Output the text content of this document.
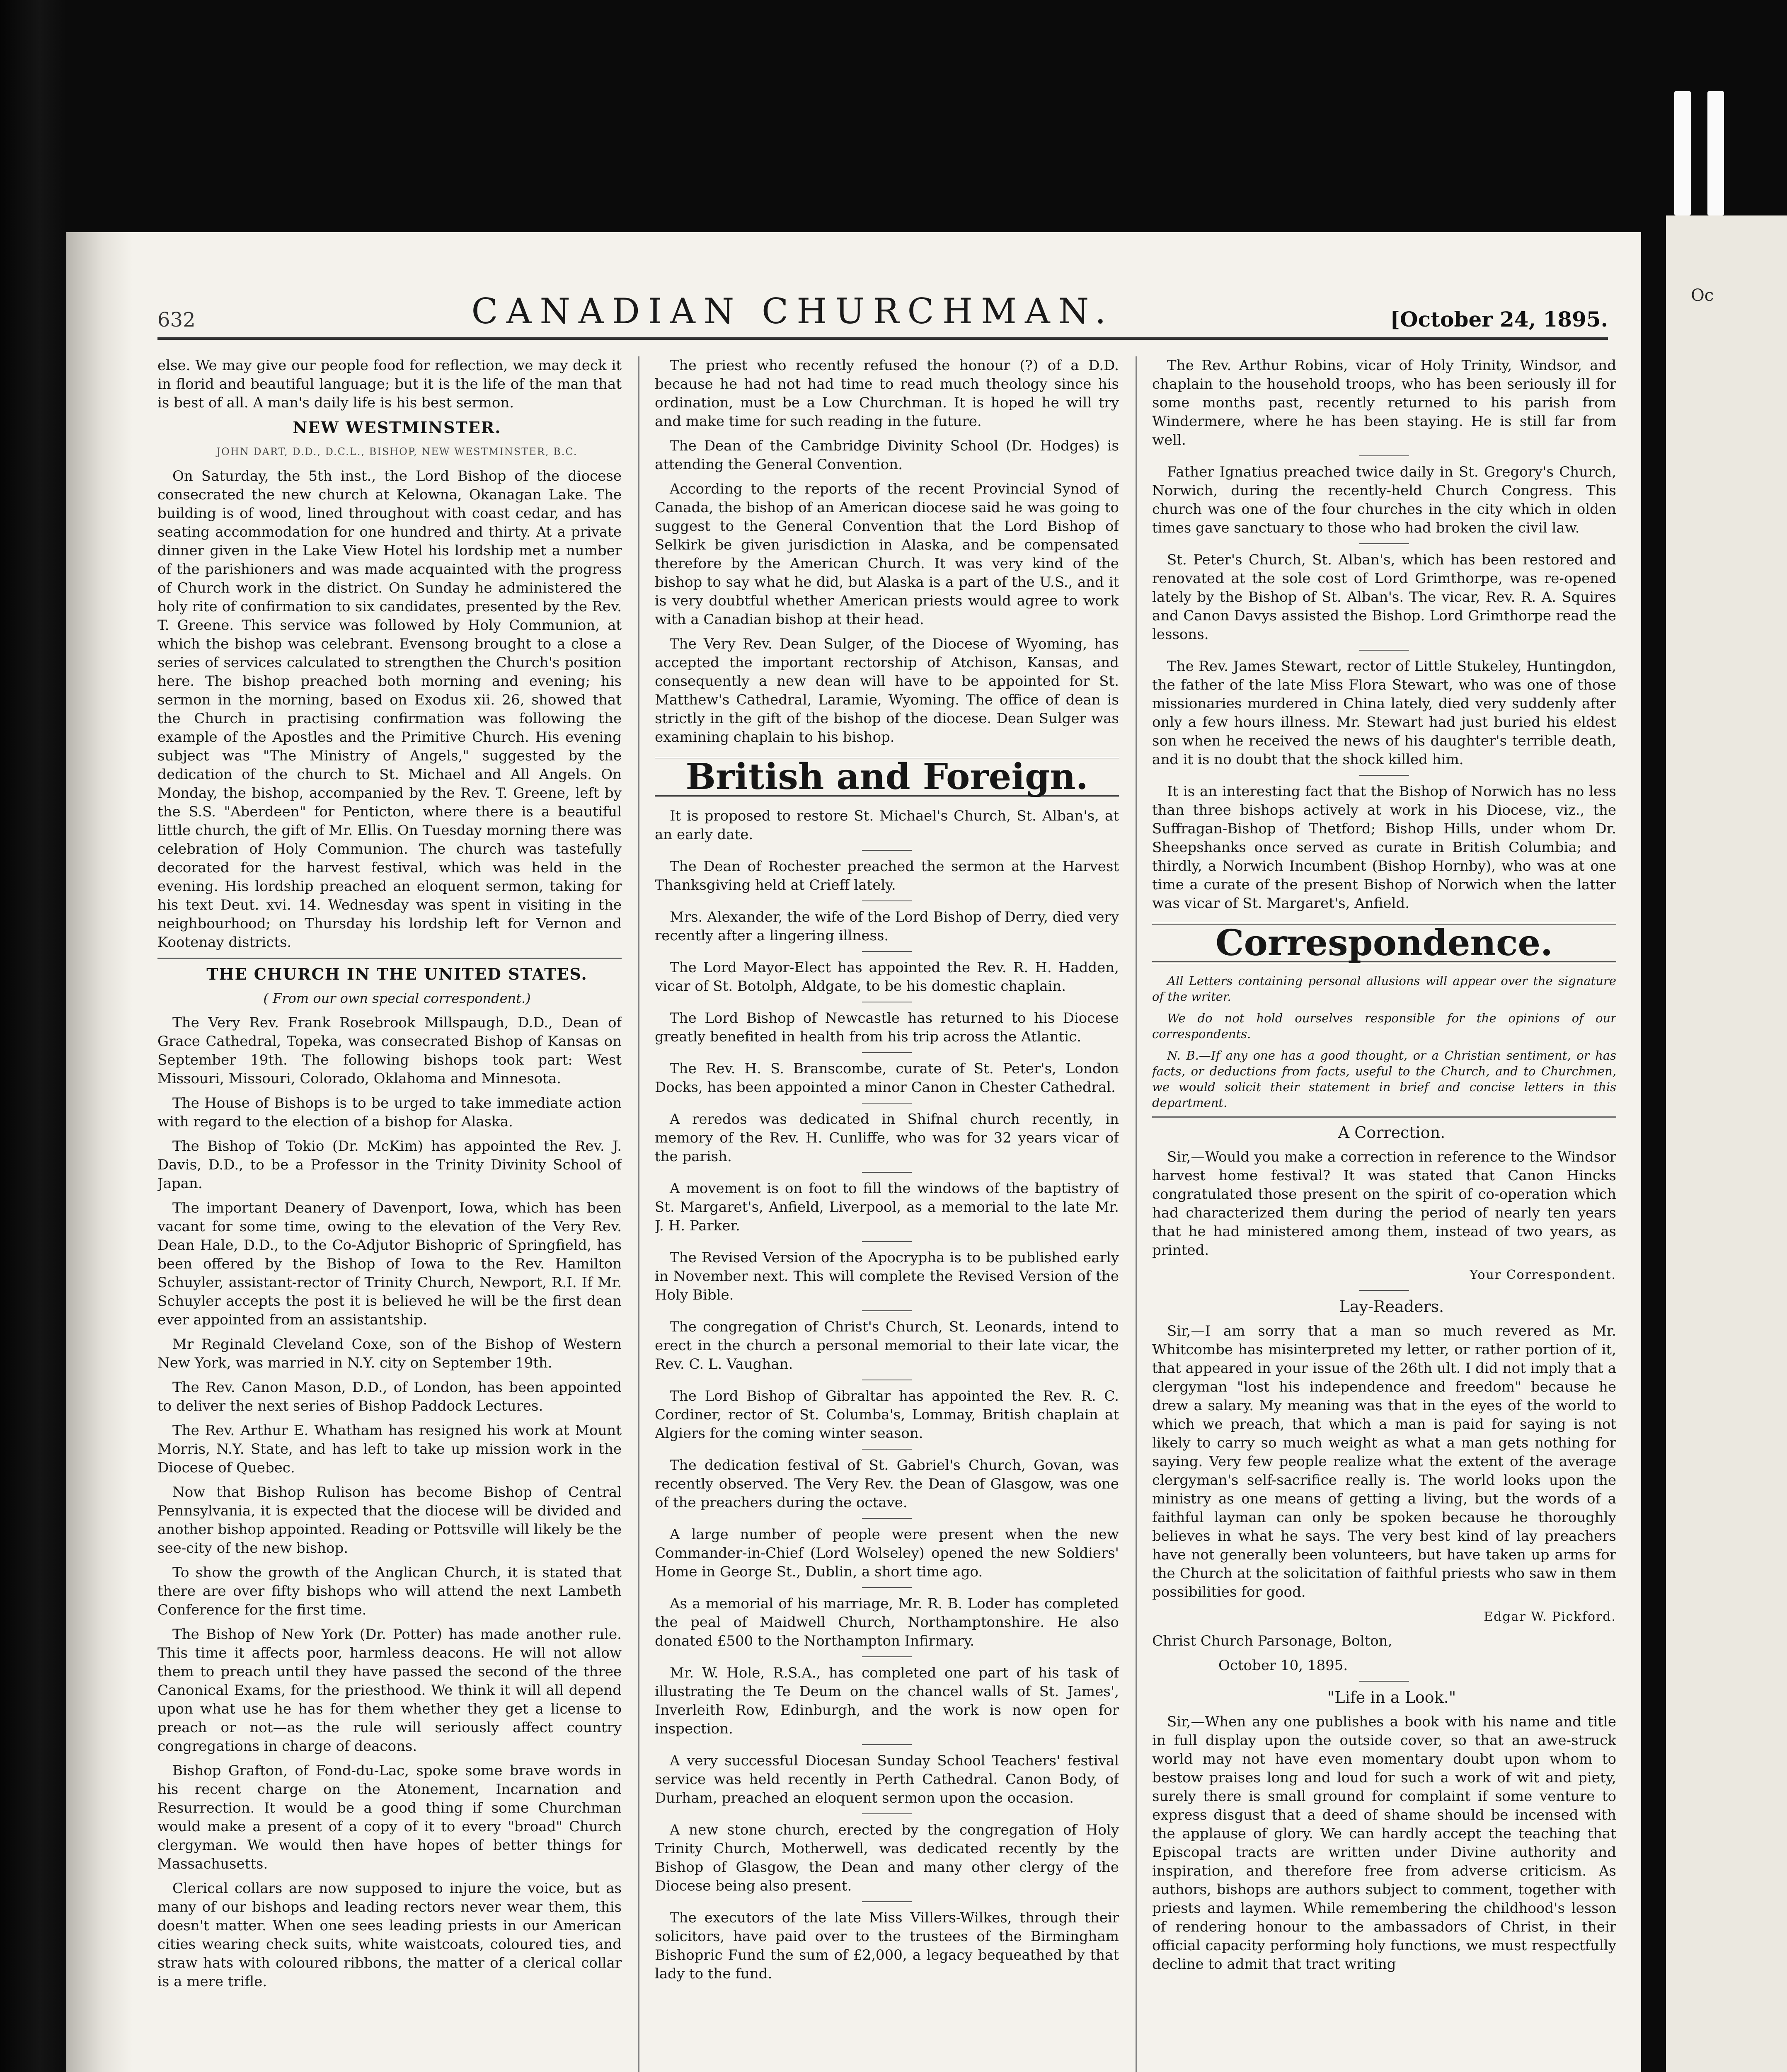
632	CANADIAN CHURCHMAN.	[October 24, 1895.

else. We may give our people food for reflection, we may deck it in florid and beautiful language; but it is the life of the man that is best of all. A man's daily life is his best sermon.

NEW WESTMINSTER.

JOHN DART, D.D., D.C.L., BISHOP, NEW WESTMINSTER, B.C.

On Saturday, the 5th inst., the Lord Bishop of the diocese consecrated the new church at Kelowna, Okanagan Lake. The building is of wood, lined throughout with coast cedar, and has seating accommodation for one hundred and thirty. At a private dinner given in the Lake View Hotel his lordship met a number of the parishioners and was made acquainted with the progress of Church work in the district. On Sunday he administered the holy rite of confirmation to six candidates, presented by the Rev. T. Greene. This service was followed by Holy Communion, at which the bishop was celebrant. Evensong brought to a close a series of services calculated to strengthen the Church's position here. The bishop preached both morning and evening; his sermon in the morning, based on Exodus xii. 26, showed that the Church in practising confirmation was following the example of the Apostles and the Primitive Church. His evening subject was "The Ministry of Angels," suggested by the dedication of the church to St. Michael and All Angels. On Monday, the bishop, accompanied by the Rev. T. Greene, left by the S.S. "Aberdeen" for Penticton, where there is a beautiful little church, the gift of Mr. Ellis. On Tuesday morning there was celebration of Holy Communion. The church was tastefully decorated for the harvest festival, which was held in the evening. His lordship preached an eloquent sermon, taking for his text Deut. xvi. 14. Wednesday was spent in visiting in the neighbourhood; on Thursday his lordship left for Vernon and Kootenay districts.

THE CHURCH IN THE UNITED STATES.

( From our own special correspondent.)

The Very Rev. Frank Rosebrook Millspaugh, D.D., Dean of Grace Cathedral, Topeka, was consecrated Bishop of Kansas on September 19th. The following bishops took part: West Missouri, Missouri, Colorado, Oklahoma and Minnesota.

The House of Bishops is to be urged to take immediate action with regard to the election of a bishop for Alaska.

The Bishop of Tokio (Dr. McKim) has appointed the Rev. J. Davis, D.D., to be a Professor in the Trinity Divinity School of Japan.

The important Deanery of Davenport, Iowa, which has been vacant for some time, owing to the elevation of the Very Rev. Dean Hale, D.D., to the Co-Adjutor Bishopric of Springfield, has been offered by the Bishop of Iowa to the Rev. Hamilton Schuyler, assistant-rector of Trinity Church, Newport, R.I. If Mr. Schuyler accepts the post it is believed he will be the first dean ever appointed from an assistantship.

Mr Reginald Cleveland Coxe, son of the Bishop of Western New York, was married in N.Y. city on September 19th.

The Rev. Canon Mason, D.D., of London, has been appointed to deliver the next series of Bishop Paddock Lectures.

The Rev. Arthur E. Whatham has resigned his work at Mount Morris, N.Y. State, and has left to take up mission work in the Diocese of Quebec.

Now that Bishop Rulison has become Bishop of Central Pennsylvania, it is expected that the diocese will be divided and another bishop appointed. Reading or Pottsville will likely be the see-city of the new bishop.

To show the growth of the Anglican Church, it is stated that there are over fifty bishops who will attend the next Lambeth Conference for the first time.

The Bishop of New York (Dr. Potter) has made another rule. This time it affects poor, harmless deacons. He will not allow them to preach until they have passed the second of the three Canonical Exams, for the priesthood. We think it will all depend upon what use he has for them whether they get a license to preach or not—as the rule will seriously affect country congregations in charge of deacons.

Bishop Grafton, of Fond-du-Lac, spoke some brave words in his recent charge on the Atonement, Incarnation and Resurrection. It would be a good thing if some Churchman would make a present of a copy of it to every "broad" Church clergyman. We would then have hopes of better things for Massachusetts.

Clerical collars are now supposed to injure the voice, but as many of our bishops and leading rectors never wear them, this doesn't matter. When one sees leading priests in our American cities wearing check suits, white waistcoats, coloured ties, and straw hats with coloured ribbons, the matter of a clerical collar is a mere trifle.

The priest who recently refused the honour (?) of a D.D. because he had not had time to read much theology since his ordination, must be a Low Churchman. It is hoped he will try and make time for such reading in the future.

The Dean of the Cambridge Divinity School (Dr. Hodges) is attending the General Convention.

According to the reports of the recent Provincial Synod of Canada, the bishop of an American diocese said he was going to suggest to the General Convention that the Lord Bishop of Selkirk be given jurisdiction in Alaska, and be compensated therefore by the American Church. It was very kind of the bishop to say what he did, but Alaska is a part of the U.S., and it is very doubtful whether American priests would agree to work with a Canadian bishop at their head.

The Very Rev. Dean Sulger, of the Diocese of Wyoming, has accepted the important rectorship of Atchison, Kansas, and consequently a new dean will have to be appointed for St. Matthew's Cathedral, Laramie, Wyoming. The office of dean is strictly in the gift of the bishop of the diocese. Dean Sulger was examining chaplain to his bishop.

British and Foreign.

It is proposed to restore St. Michael's Church, St. Alban's, at an early date.

The Dean of Rochester preached the sermon at the Harvest Thanksgiving held at Crieff lately.

Mrs. Alexander, the wife of the Lord Bishop of Derry, died very recently after a lingering illness.

The Lord Mayor-Elect has appointed the Rev. R. H. Hadden, vicar of St. Botolph, Aldgate, to be his domestic chaplain.

The Lord Bishop of Newcastle has returned to his Diocese greatly benefited in health from his trip across the Atlantic.

The Rev. H. S. Branscombe, curate of St. Peter's, London Docks, has been appointed a minor Canon in Chester Cathedral.

A reredos was dedicated in Shifnal church recently, in memory of the Rev. H. Cunliffe, who was for 32 years vicar of the parish.

A movement is on foot to fill the windows of the baptistry of St. Margaret's, Anfield, Liverpool, as a memorial to the late Mr. J. H. Parker.

The Revised Version of the Apocrypha is to be published early in November next. This will complete the Revised Version of the Holy Bible.

The congregation of Christ's Church, St. Leonards, intend to erect in the church a personal memorial to their late vicar, the Rev. C. L. Vaughan.

The Lord Bishop of Gibraltar has appointed the Rev. R. C. Cordiner, rector of St. Columba's, Lommay, British chaplain at Algiers for the coming winter season.

The dedication festival of St. Gabriel's Church, Govan, was recently observed. The Very Rev. the Dean of Glasgow, was one of the preachers during the octave.

A large number of people were present when the new Commander-in-Chief (Lord Wolseley) opened the new Soldiers' Home in George St., Dublin, a short time ago.

As a memorial of his marriage, Mr. R. B. Loder has completed the peal of Maidwell Church, Northamptonshire. He also donated £500 to the Northampton Infirmary.

Mr. W. Hole, R.S.A., has completed one part of his task of illustrating the Te Deum on the chancel walls of St. James', Inverleith Row, Edinburgh, and the work is now open for inspection.

A very successful Diocesan Sunday School Teachers' festival service was held recently in Perth Cathedral. Canon Body, of Durham, preached an eloquent sermon upon the occasion.

A new stone church, erected by the congregation of Holy Trinity Church, Motherwell, was dedicated recently by the Bishop of Glasgow, the Dean and many other clergy of the Diocese being also present.

The executors of the late Miss Villers-Wilkes, through their solicitors, have paid over to the trustees of the Birmingham Bishopric Fund the sum of £2,000, a legacy bequeathed by that lady to the fund.

The Rev. Arthur Robins, vicar of Holy Trinity, Windsor, and chaplain to the household troops, who has been seriously ill for some months past, recently returned to his parish from Windermere, where he has been staying. He is still far from well.

Father Ignatius preached twice daily in St. Gregory's Church, Norwich, during the recently-held Church Congress. This church was one of the four churches in the city which in olden times gave sanctuary to those who had broken the civil law.

St. Peter's Church, St. Alban's, which has been restored and renovated at the sole cost of Lord Grimthorpe, was re-opened lately by the Bishop of St. Alban's. The vicar, Rev. R. A. Squires and Canon Davys assisted the Bishop. Lord Grimthorpe read the lessons.

The Rev. James Stewart, rector of Little Stukeley, Huntingdon, the father of the late Miss Flora Stewart, who was one of those missionaries murdered in China lately, died very suddenly after only a few hours illness. Mr. Stewart had just buried his eldest son when he received the news of his daughter's terrible death, and it is no doubt that the shock killed him.

It is an interesting fact that the Bishop of Norwich has no less than three bishops actively at work in his Diocese, viz., the Suffragan-Bishop of Thetford; Bishop Hills, under whom Dr. Sheepshanks once served as curate in British Columbia; and thirdly, a Norwich Incumbent (Bishop Hornby), who was at one time a curate of the present Bishop of Norwich when the latter was vicar of St. Margaret's, Anfield.

Correspondence.

All Letters containing personal allusions will appear over the signature of the writer.

We do not hold ourselves responsible for the opinions of our correspondents.

N. B.—If any one has a good thought, or a Christian sentiment, or has facts, or deductions from facts, useful to the Church, and to Churchmen, we would solicit their statement in brief and concise letters in this department.

A Correction.

Sir,—Would you make a correction in reference to the Windsor harvest home festival? It was stated that Canon Hincks congratulated those present on the spirit of co-operation which had characterized them during the period of nearly ten years that he had ministered among them, instead of two years, as printed.

Your Correspondent.

Lay-Readers.

Sir,—I am sorry that a man so much revered as Mr. Whitcombe has misinterpreted my letter, or rather portion of it, that appeared in your issue of the 26th ult. I did not imply that a clergyman "lost his independence and freedom" because he drew a salary. My meaning was that in the eyes of the world to which we preach, that which a man is paid for saying is not likely to carry so much weight as what a man gets nothing for saying. Very few people realize what the extent of the average clergyman's self-sacrifice really is. The world looks upon the ministry as one means of getting a living, but the words of a faithful layman can only be spoken because he thoroughly believes in what he says. The very best kind of lay preachers have not generally been volunteers, but have taken up arms for the Church at the solicitation of faithful priests who saw in them possibilities for good.

Edgar W. Pickford.

Christ Church Parsonage, Bolton,

October 10, 1895.

"Life in a Look."

Sir,—When any one publishes a book with his name and title in full display upon the outside cover, so that an awe-struck world may not have even momentary doubt upon whom to bestow praises long and loud for such a work of wit and piety, surely there is small ground for complaint if some venture to express disgust that a deed of shame should be incensed with the applause of glory. We can hardly accept the teaching that Episcopal tracts are written under Divine authority and inspiration, and therefore free from adverse criticism. As authors, bishops are authors subject to comment, together with priests and laymen. While remembering the childhood's lesson of rendering honour to the ambassadors of Christ, in their official capacity performing holy functions, we must respectfully decline to admit that tract writing

Oc
